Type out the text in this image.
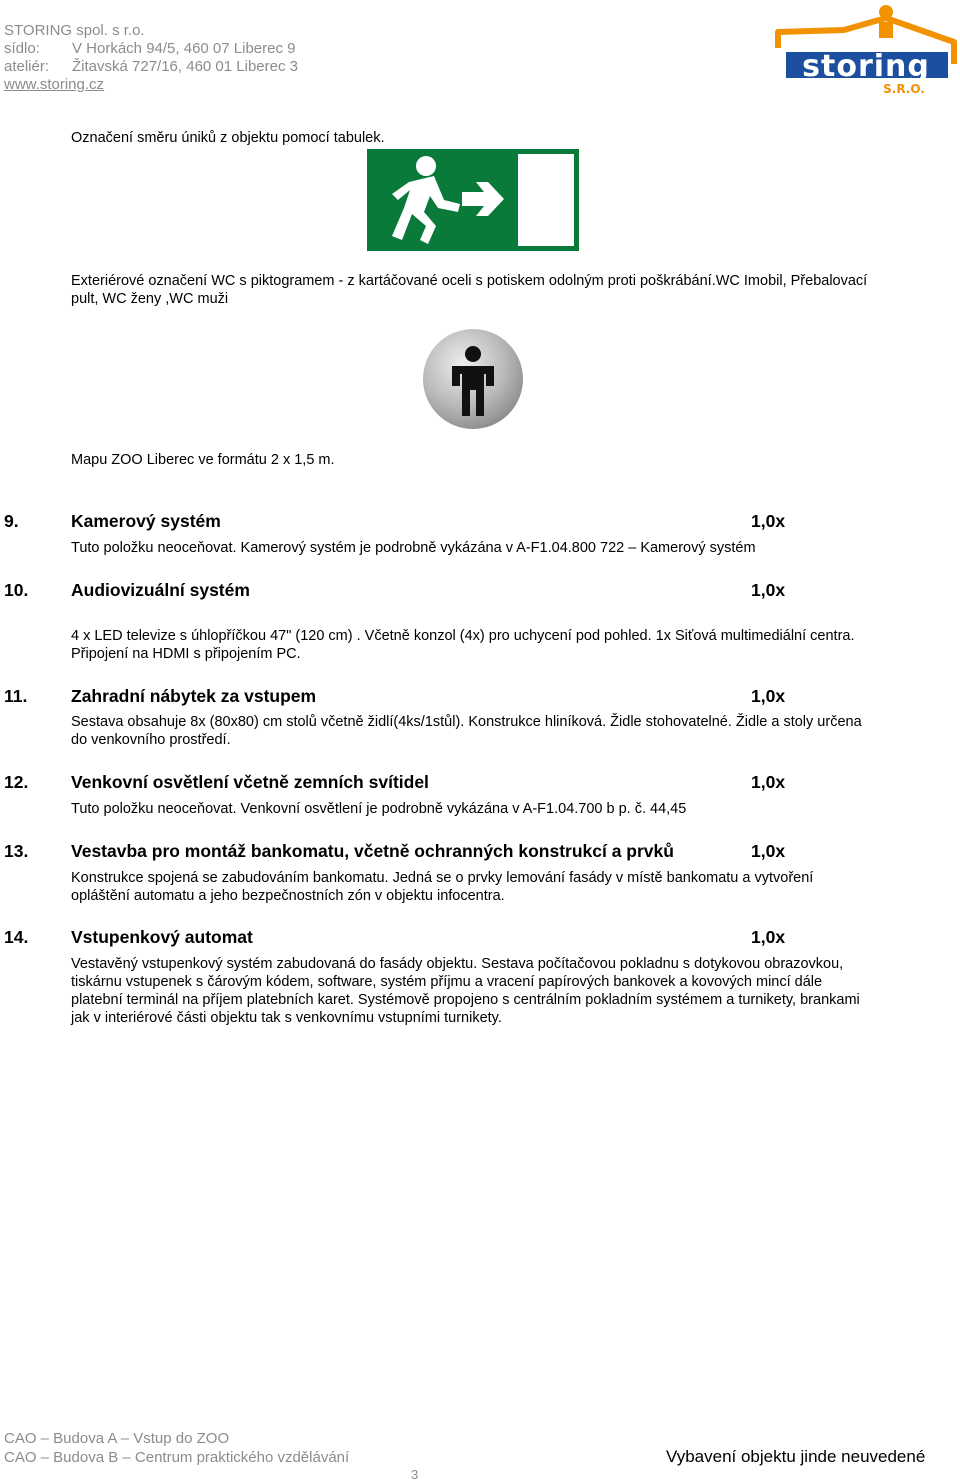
STORING spol. s r.o.
sídlo: V Horkách 94/5, 460 07 Liberec 9
ateliér: Žitavská 727/16, 460 01 Liberec 3
www.storing.cz
storing
S.R.O.
Označení směru úniků z objektu pomocí tabulek.
Exteriérové označení WC s piktogramem - z kartáčované oceli s potiskem odolným proti poškrábání.WC Imobil, Přebalovací pult, WC ženy ,WC muži
Mapu ZOO Liberec ve formátu 2 x 1,5 m.
9.	Kamerový systém	1,0x
Tuto položku neoceňovat. Kamerový systém je podrobně vykázána v A-F1.04.800 722 – Kamerový systém
10. Audiovizuální systém	1,0x
4 x LED televize s úhlopříčkou 47" (120 cm) . Včetně konzol (4x) pro uchycení pod pohled. 1x Siťová multimediální centra. Připojení na HDMI s připojením PC.
11. Zahradní nábytek za vstupem	1,0x
Sestava obsahuje 8x (80x80) cm stolů včetně židlí(4ks/1stůl). Konstrukce hliníková. Židle stohovatelné. Židle a stoly určena do venkovního prostředí.
12. Venkovní osvětlení včetně zemních svítidel	1,0x
Tuto položku neoceňovat. Venkovní osvětlení je podrobně vykázána v A-F1.04.700 b p. č. 44,45
13. Vestavba pro montáž bankomatu, včetně ochranných konstrukcí a prvků	1,0x
Konstrukce spojená se zabudováním bankomatu. Jedná se o prvky lemování fasády v místě bankomatu a vytvoření opláštění automatu a jeho bezpečnostních zón v objektu infocentra.
14. Vstupenkový automat	1,0x
Vestavěný vstupenkový systém zabudovaná do fasády objektu. Sestava počítačovou pokladnu s dotykovou obrazovkou, tiskárnu vstupenek s čárovým kódem, software, systém příjmu a vracení papírových bankovek a kovových mincí dále platební terminál na příjem platebních karet. Systémově propojeno s centrálním pokladním systémem a turnikety, brankami jak v interiérové části objektu tak s venkovnímu vstupními turnikety.
CAO – Budova A – Vstup do ZOO
CAO – Budova B – Centrum praktického vzdělávání	Vybavení objektu jinde neuvedené
3
